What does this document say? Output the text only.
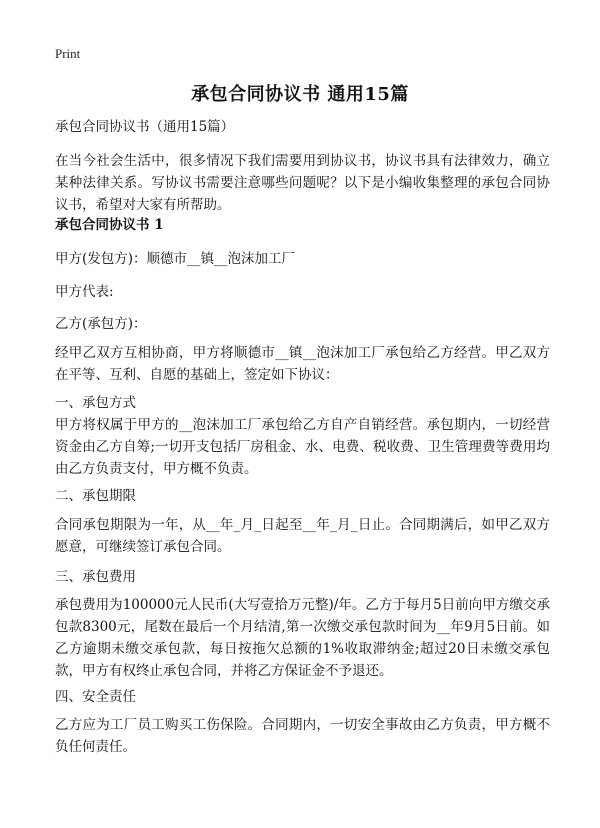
Print
承包合同协议书 通用15篇

承包合同协议书（通用15篇）

在当今社会生活中，很多情况下我们需要用到协议书，协议书具有法律效力，确立某种法律关系。写协议书需要注意哪些问题呢？以下是小编收集整理的承包合同协议书，希望对大家有所帮助。

承包合同协议书 1

甲方(发包方)：顺德市__镇__泡沫加工厂

甲方代表:

乙方(承包方)：

经甲乙双方互相协商，甲方将顺德市__镇__泡沫加工厂承包给乙方经营。甲乙双方在平等、互利、自愿的基础上，签定如下协议：

一、承包方式

甲方将权属于甲方的__泡沫加工厂承包给乙方自产自销经营。承包期内，一切经营资金由乙方自筹;一切开支包括厂房租金、水、电费、税收费、卫生管理费等费用均由乙方负责支付，甲方概不负责。

二、承包期限

合同承包期限为一年，从__年_月_日起至__年_月_日止。合同期满后，如甲乙双方愿意，可继续签订承包合同。

三、承包费用

承包费用为100000元人民币(大写壹拾万元整)/年。乙方于每月5日前向甲方缴交承包款8300元，尾数在最后一个月结清,第一次缴交承包款时间为__年9月5日前。如乙方逾期未缴交承包款，每日按拖欠总额的1%收取滞纳金;超过20日未缴交承包款，甲方有权终止承包合同，并将乙方保证金不予退还。

四、安全责任

乙方应为工厂员工购买工伤保险。合同期内，一切安全事故由乙方负责，甲方概不负任何责任。
